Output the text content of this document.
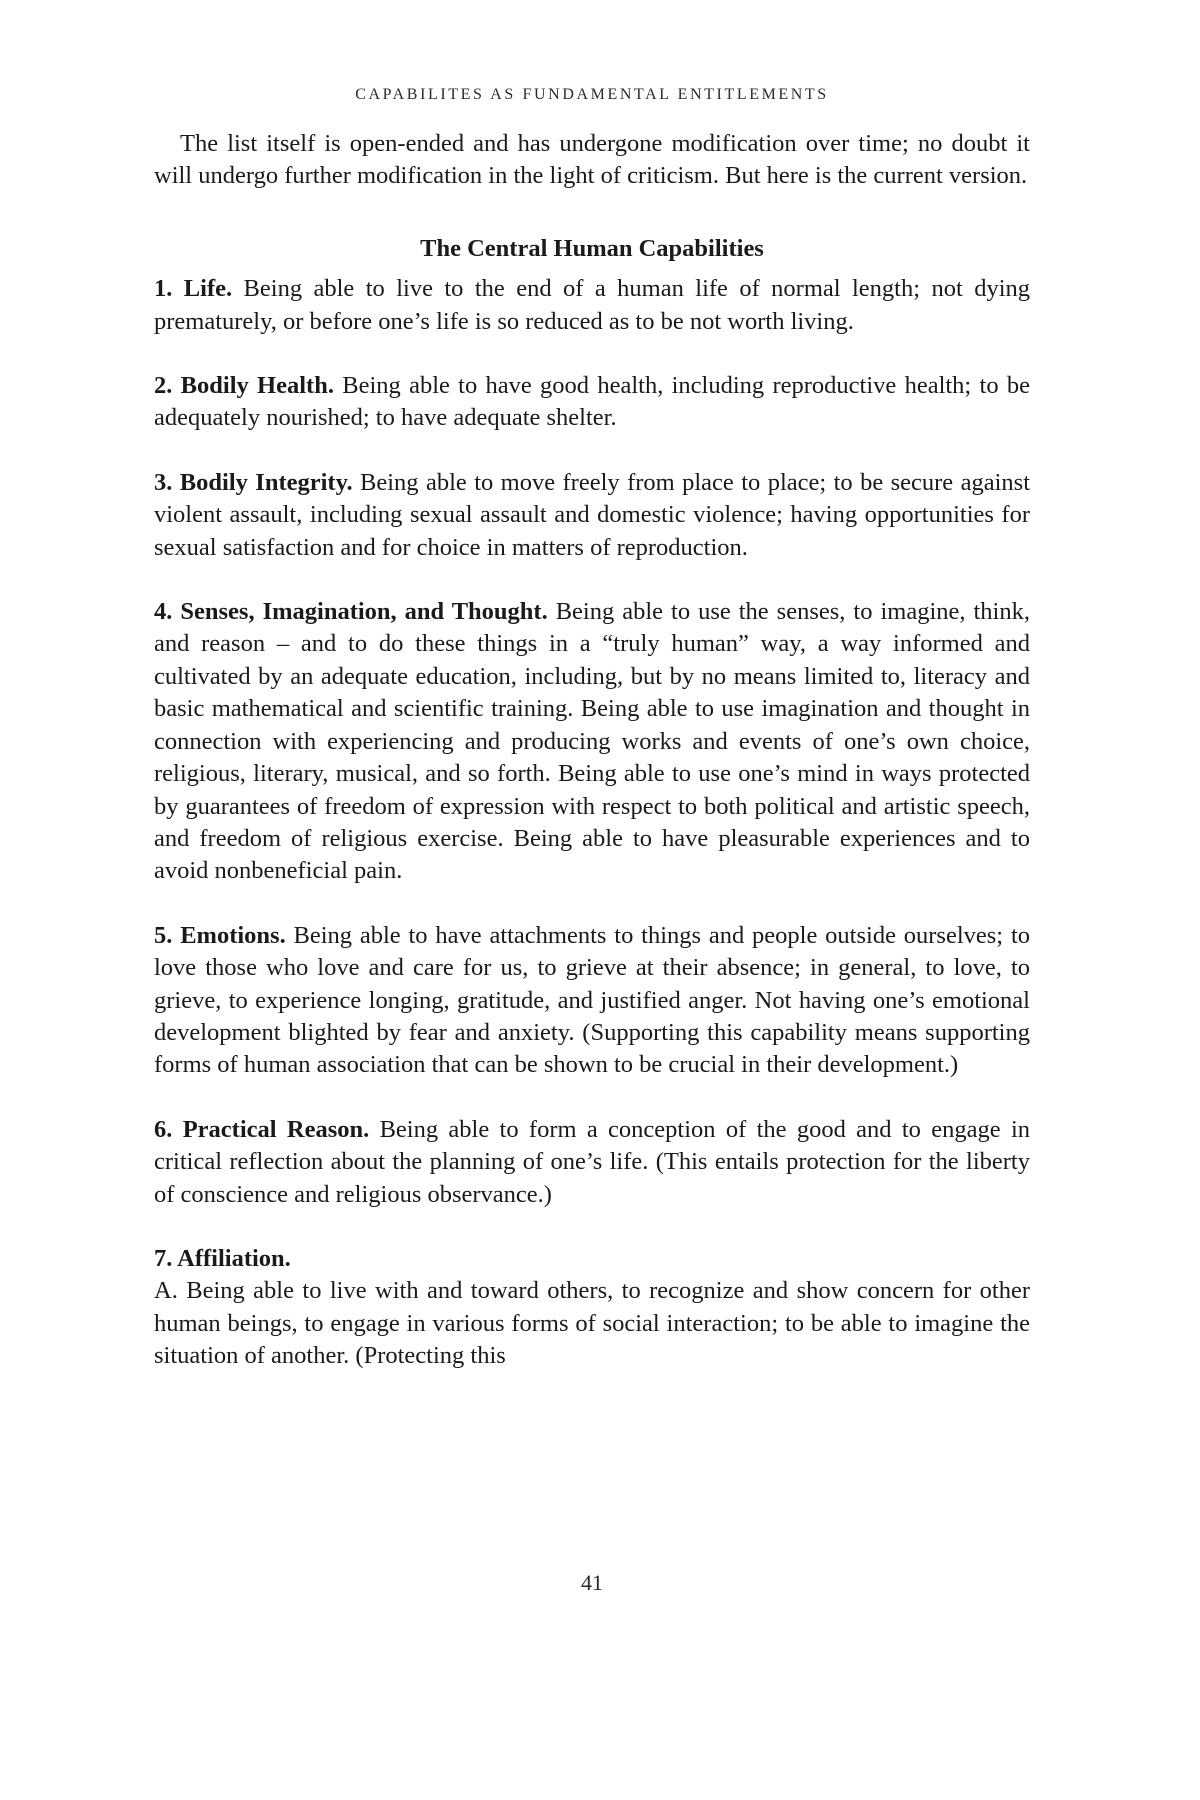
CAPABILITES AS FUNDAMENTAL ENTITLEMENTS

The list itself is open-ended and has undergone modification over time; no doubt it will undergo further modification in the light of criticism. But here is the current version.

The Central Human Capabilities

1. Life. Being able to live to the end of a human life of normal length; not dying prematurely, or before one’s life is so reduced as to be not worth living.

2. Bodily Health. Being able to have good health, including reproductive health; to be adequately nourished; to have adequate shelter.

3. Bodily Integrity. Being able to move freely from place to place; to be secure against violent assault, including sexual assault and domestic violence; having opportunities for sexual satisfaction and for choice in matters of reproduction.

4. Senses, Imagination, and Thought. Being able to use the senses, to imagine, think, and reason – and to do these things in a “truly human” way, a way informed and cultivated by an adequate education, including, but by no means limited to, literacy and basic mathematical and scientific training. Being able to use imagination and thought in connection with experiencing and producing works and events of one’s own choice, religious, literary, musical, and so forth. Being able to use one’s mind in ways protected by guarantees of freedom of expression with respect to both political and artistic speech, and freedom of religious exercise. Being able to have pleasurable experiences and to avoid nonbeneficial pain.

5. Emotions. Being able to have attachments to things and people outside ourselves; to love those who love and care for us, to grieve at their absence; in general, to love, to grieve, to experience longing, gratitude, and justified anger. Not having one’s emotional development blighted by fear and anxiety. (Supporting this capability means supporting forms of human association that can be shown to be crucial in their development.)

6. Practical Reason. Being able to form a conception of the good and to engage in critical reflection about the planning of one’s life. (This entails protection for the liberty of conscience and religious observance.)

7. Affiliation.

A. Being able to live with and toward others, to recognize and show concern for other human beings, to engage in various forms of social interaction; to be able to imagine the situation of another. (Protecting this

41
